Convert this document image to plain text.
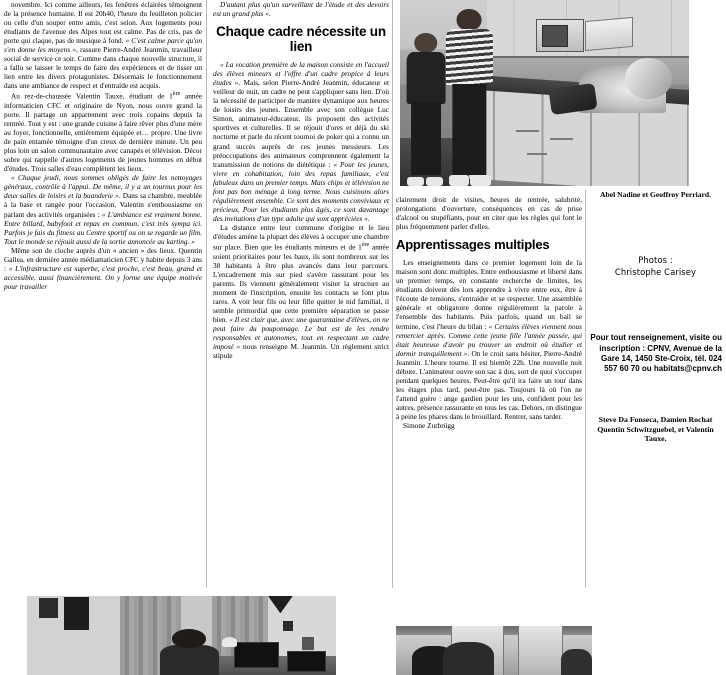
novembre. Ici comme ailleurs, les fenêtres éclairées témoignent de la présence humaine. Il est 20h40, l'heure du feuilleton policier ou celle d'un souper entre amis, c'est selon. Aux logements pour étudiants de l'avenue des Alpes tout est calme. Pas de cris, pas de porte qui claque, pas de musique à fond. « C'est calme parce qu'on s'en donne les moyens », rassure Pierre-André Jeanmin, travailleur social de service ce soir. Comme dans chaque nouvelle structure, il a fallu se laisser le temps de faire des expériences et de tisser un lien entre les divers protagonistes. Désormais le fonctionnement dans une ambiance de respect et d'entraide est acquis.

Au rez-de-chaussée Valentin Tauxe, étudiant de 1ère année informaticien CFC et originaire de Nyon, nous ouvre grand la porte. Il partage un appartement avec trois copains depuis la rentrée. Tout y est : une grande cuisine à faire rêver plus d'une mère au foyer, fonctionnelle, entièrement équipée et… propre. Une livre de pain entamée témoigne d'un creux de dernière minute. Un peu plus loin un salon communautaire avec canapés et télévision. Décor sobre qui rappelle d'autres logements de jeunes hommes en début d'études. Trois salles d'eau complètent les lieux.

« Chaque jeudi, nous sommes obligés de faire les nettoyages généraux, contrôle à l'appui. De même, il y a un tournus pour les deux salles de loisirs et la buanderie ». Dans sa chambre, meublée à la base et rangée pour l'occasion, Valentin s'enthousiasme en parlant des activités organisées : « L'ambiance est vraiment bonne. Entre billard, babyfoot et repas en commun, c'est très sympa ici. Parfois je fais du fitness au Centre sportif ou on se regarde un film. Tout le monde se réjouit aussi de la sortie annoncée au karting. »

Même son de cloche auprès d'un « ancien » des lieux. Quentin Gallea, en dernière année médiamaticien CFC y habite depuis 3 ans : « L'infrastructure est superbe, c'est proche, c'est beau, grand et accessible, aussi financièrement. On y forme une équipe motivée pour travailler

D'autant plus qu'un surveillant de l'étude et des devoirs est un grand plus ».

Chaque cadre nécessite un lien

« La vocation première de la maison consiste en l'accueil des élèves mineurs et l'offre d'un cadre propice à leurs études ». Mais, selon Pierre-André Jeanmin, éducateur et veilleur de nuit, un cadre ne peut s'appliquer sans lien. D'où la nécessité de participer de manière dynamique aux heures de loisirs des jeunes. Ensemble avec son collègue Luc Simon, animateur-éducateur, ils proposent des activités sportives et culturelles. Il se réjouit d'ores et déjà du ski nocturne et parle du récent tournoi de poker qui a connu un grand succès auprès de ces jeunes messieurs. Les préoccupations des animateurs comprennent également la transmission de notions de diététique : « Pour les jeunes, vivre en cohabitation, loin des repas familiaux, c'est fabuleux dans un premier temps. Mais chips et télévision ne font pas bon ménage à long terme. Nous cuisinons alors régulièrement ensemble. Ce sont des moments conviviaux et précieux. Pour les étudiants plus âgés, ce sont davantage des invitations d'un type adulte qui sont appréciées ».

La distance entre leur commune d'origine et le lieu d'études amène la plupart des élèves à occuper une chambre sur place. Bien que les étudiants mineurs et de 1ère année soient prioritaires pour les baux, ils sont nombreux sur les 38 habitants à être plus avancés dans leur parcours. L'encadrement mis sur pied s'avère rassurant pour les parents. Ils viennent généralement visiter la structure au moment de l'inscription, ensuite les contacts se font plus rares. A voir leur fils ou leur fille quitter le nid familial, il semble primordial que cette première séparation se passe bien. « Il est clair que, avec une quarantaine d'élèves, on ne peut faire du pouponnage. Le but est de les rendre responsables et autonomes, tout en respectant un cadre imposé » nous renseigne M. Jeanmin. Un règlement strict stipule

clairement droit de visites, heures de rentrée, salubrité, prolongations d'ouverture, conséquences en cas de prise d'alcool ou stupéfiants, pour en citer que les règles qui font le plus fréquemment parler d'elles.

Apprentissages multiples

Les enseignements dans ce premier logement loin de la maison sont donc multiples. Entre enthousiasme et liberté dans un premier temps, en constante recherche de limites, les étudiants doivent dès lors apprendre à vivre entre eux, être à l'écoute de tensions, s'entraider et se respecter. Une assemblée générale et obligatoire donne régulièrement la parole à l'ensemble des habitants. Puis parfois, quand un bail se termine, c'est l'heure du bilan : « Certains élèves viennent nous remercier après. Comme cette jeune fille l'année passée, qui était heureuse d'avoir pu trouver un endroit où étudier et dormir tranquillement ». On le croit sans hésiter, Pierre-André Jeanmin. L'heure tourne. Il est bientôt 22h. Une nouvelle nuit débute. L'animateur ouvre son sac à dos, sort de quoi s'occuper pendant quelques heures. Peut-être qu'il ira faire un tour dans les étages plus tard, peut-être pas. Toujours là où l'on ne l'attend guère : ange gardien pour les uns, confident pour les autres, présence rassurante en tous les cas. Dehors, on distingue à peine les phares dans le brouillard. Rentrer, sans tarder.

Simone Zurbrügg

Abel Nadine et Geoffroy Perriard.
Photos :
Christophe Carisey
Pour tout renseignement, visite ou inscription : CPNV, Avenue de la Gare 14, 1450 Ste-Croix, tél. 024 557 60 70 ou habitats@cpnv.ch
Steve Da Fonseca, Damien Rochat Quentin Schwitzguebel, et Valentin Tauxe.
